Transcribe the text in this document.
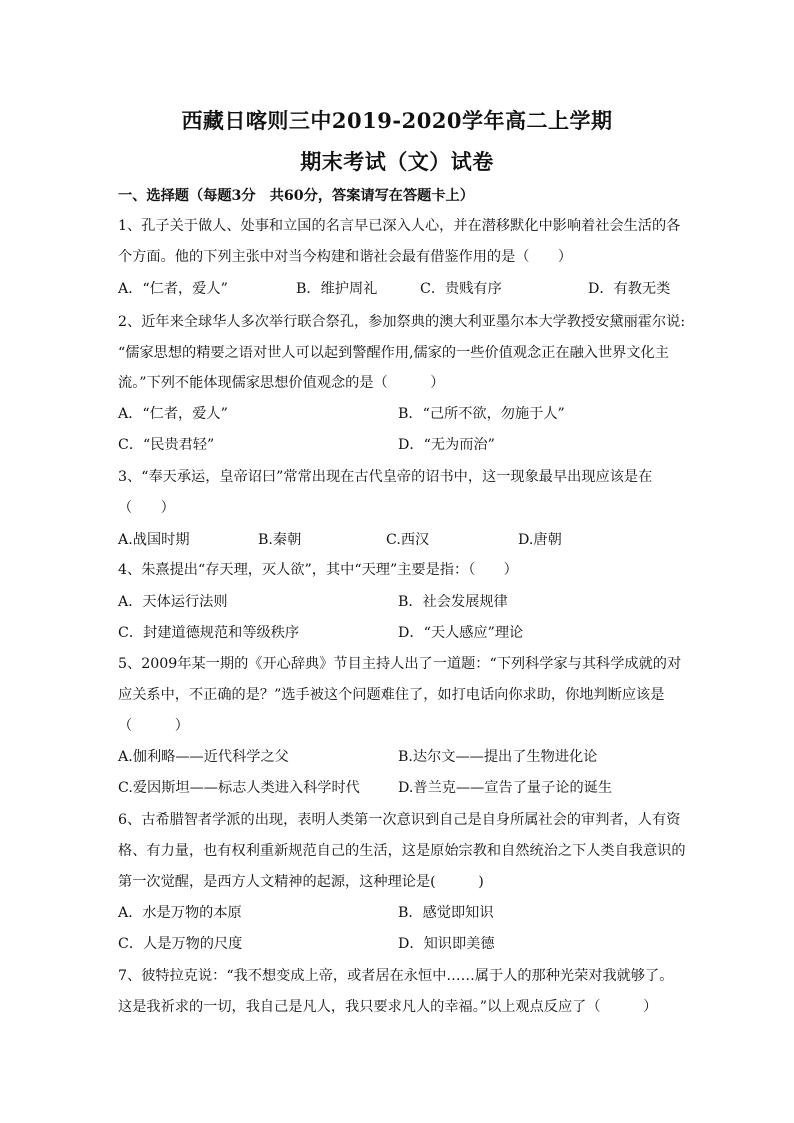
西藏日喀则三中2019-2020学年高二上学期
期末考试（文）试卷
一、选择题（每题3分　共60分，答案请写在答题卡上）
1、孔子关于做人、处事和立国的名言早已深入人心，并在潜移默化中影响着社会生活的各
个方面。他的下列主张中对当今构建和谐社会最有借鉴作用的是（　　）
A．“仁者，爱人”	B．维护周礼	C．贵贱有序	D．有教无类
2、近年来全球华人多次举行联合祭孔，参加祭典的澳大利亚墨尔本大学教授安黛丽霍尔说:
“儒家思想的精要之语对世人可以起到警醒作用,儒家的一些价值观念正在融入世界文化主
流。”下列不能体现儒家思想价值观念的是（　　　）
A．“仁者，爱人”	B．“己所不欲，勿施于人”
C．“民贵君轻”	D．“无为而治”
3、“奉天承运，皇帝诏曰”常常出现在古代皇帝的诏书中，这一现象最早出现应该是在
（　　）
A.战国时期	B.秦朝	C.西汉	D.唐朝
4、朱熹提出“存天理，灭人欲”，其中“天理”主要是指：（　　）
A．天体运行法则	B．社会发展规律
C．封建道德规范和等级秩序	D．“天人感应”理论
5、2009年某一期的《开心辞典》节目主持人出了一道题：“下列科学家与其科学成就的对
应关系中，不正确的是？”选手被这个问题难住了，如打电话向你求助，你地判断应该是
（　　　）
A.伽利略——近代科学之父	B.达尔文——提出了生物进化论
C.爱因斯坦——标志人类进入科学时代	D.普兰克——宣告了量子论的诞生
6、古希腊智者学派的出现，表明人类第一次意识到自己是自身所属社会的审判者，人有资
格、有力量，也有权利重新规范自己的生活，这是原始宗教和自然统治之下人类自我意识的
第一次觉醒，是西方人文精神的起源，这种理论是(　　　)
A．水是万物的本原	B．感觉即知识
C．人是万物的尺度	D．知识即美德
7、彼特拉克说：“我不想变成上帝，或者居在永恒中……属于人的那种光荣对我就够了。
这是我祈求的一切，我自己是凡人，我只要求凡人的幸福。”以上观点反应了（　　　）
